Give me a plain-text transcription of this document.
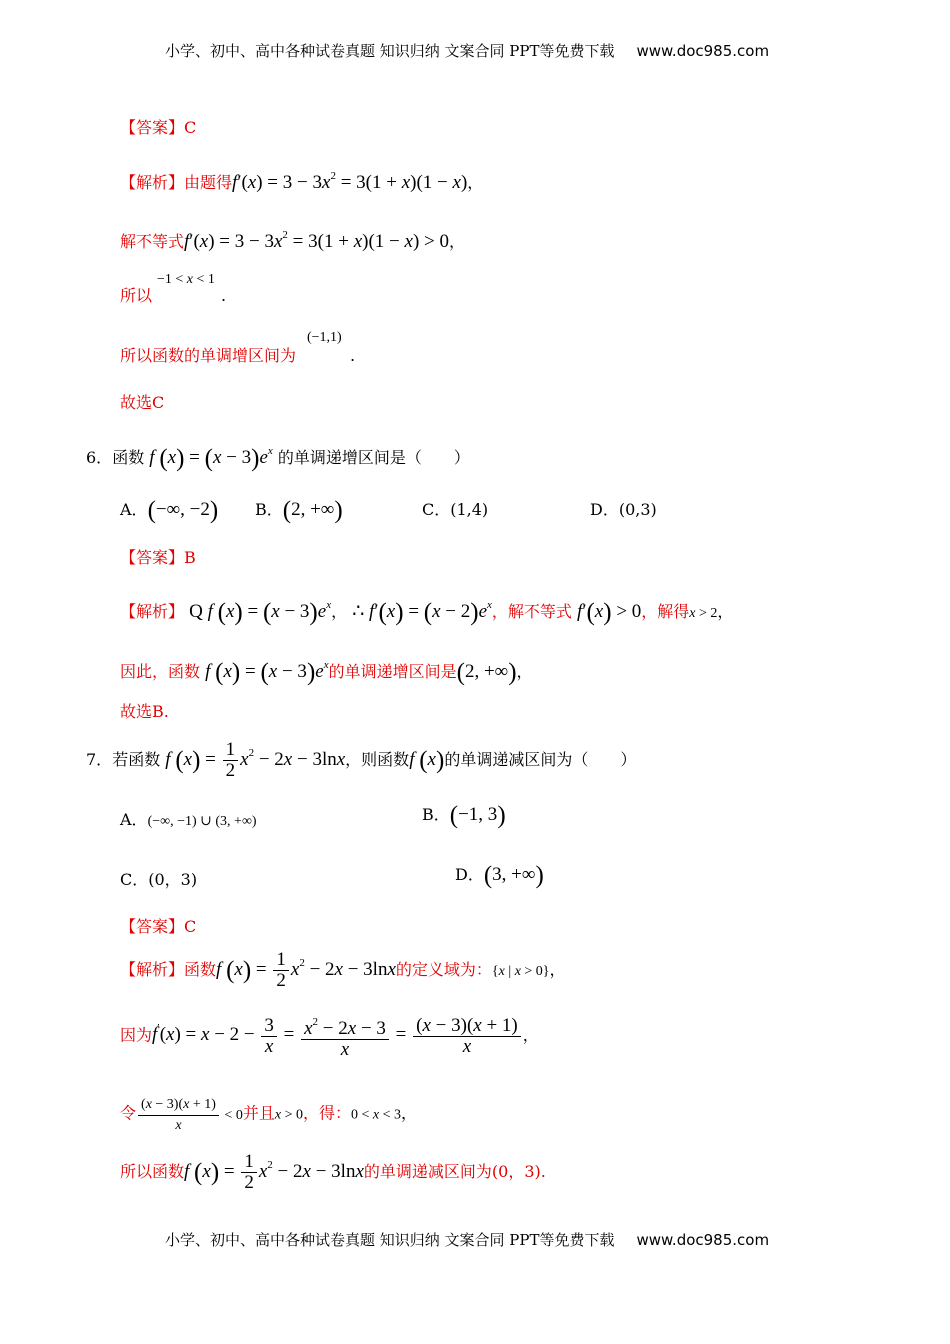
小学、初中、高中各种试卷真题 知识归纳 文案合同 PPT等免费下载 www.doc985.com
【答案】C
【解析】由题得$f'(x) = 3 - 3x^2 = 3(1 + x)(1 - x)$，
解不等式$f'(x) = 3 - 3x^2 = 3(1 + x)(1 - x) > 0$，
所以
−1 < x < 1
.
所以函数的单调增区间为
(−1,1)
.
故选C
6．函数 f $(x) = (x - 3)e^x$ 的单调递增区间是（　　）
A．(−∞, −2) B．(2, +∞)	C．(1,4)	D．(0,3)
【答案】B
【解析】 Q f $(x) = (x - 3)e^x$， ∴ $f'(x) = (x - 2)e^x$，解不等式 f′(x) > 0，解得x > 2，
因此，函数 f $(x) = (x - 3)e^x$的单调递增区间是(2, +∞)，
故选B.
7．若函数 f $(x) = \frac{1}{2} x^2 - 2x - 3\ln x$，则函数f (x)的单调递减区间为（　　）
A．(−∞, −1) ∪ (3, +∞)	B．(−1, 3)
C．(0，3)	D．(3, +∞)
【答案】C
【解析】函数f $(x) = \frac{1}{2} x^2 - 2x - 3\ln x$的定义域为：{x | x > 0}，
因为$f'(x) = x - 2 - \frac{3}{x} = \frac{x^2 - 2x - 3}{x} = \frac{(x - 3)(x + 1)}{x}$ ，
令 $\frac{(x - 3)(x + 1)}{x} < 0$并且x > 0，得：0 < x < 3，
所以函数f $(x) = \frac{1}{2} x^2 - 2x - 3\ln x$的单调递减区间为(0，3).
小学、初中、高中各种试卷真题 知识归纳 文案合同 PPT等免费下载 www.doc985.com
